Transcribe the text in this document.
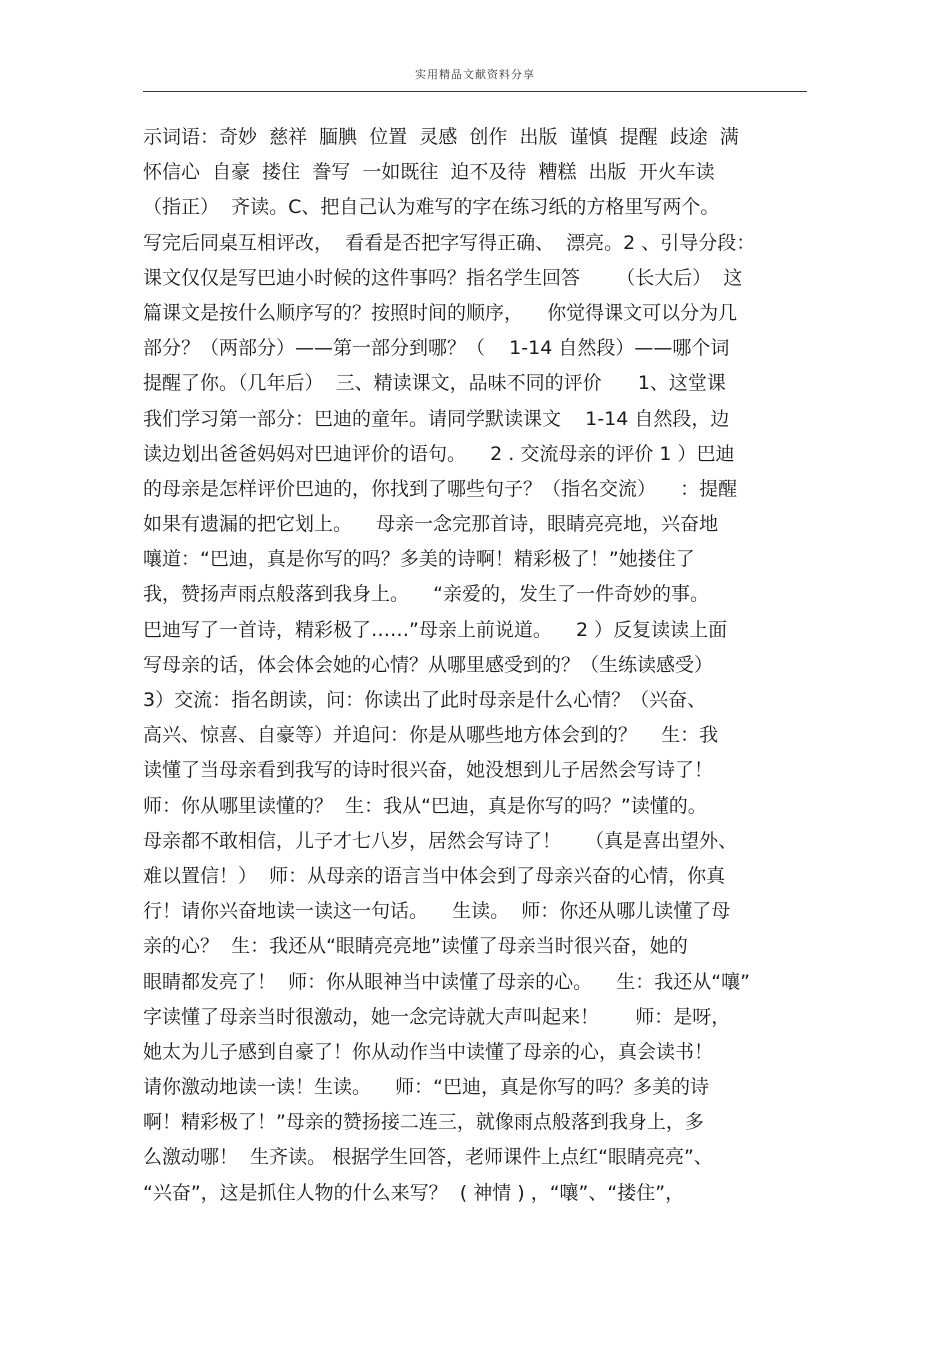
实用精品文献资料分享
示词语：奇妙  慈祥  腼腆  位置  灵感  创作  出版  谨慎  提醒  歧途  满
怀信心  自豪  搂住  誊写  一如既往  迫不及待  糟糕  出版  开火车读
（指正）  齐读。C、把自己认为难写的字在练习纸的方格里写两个。
写完后同桌互相评改，  看看是否把字写得正确、  漂亮。2 、引导分段：
课文仅仅是写巴迪小时候的这件事吗？指名学生回答      （长大后）  这
篇课文是按什么顺序写的？按照时间的顺序，    你觉得课文可以分为几
部分？（两部分）——第一部分到哪？（    1-14 自然段）——哪个词
提醒了你。（几年后）  三、精读课文，品味不同的评价      1、这堂课
我们学习第一部分：巴迪的童年。请同学默读课文    1-14 自然段，边
读边划出爸爸妈妈对巴迪评价的语句。    2 . 交流母亲的评价 1 ）巴迪
的母亲是怎样评价巴迪的，你找到了哪些句子？（指名交流）    ：提醒
如果有遗漏的把它划上。    母亲一念完那首诗，眼睛亮亮地，兴奋地
嚷道：“巴迪，真是你写的吗？多美的诗啊！精彩极了！”她搂住了
我，赞扬声雨点般落到我身上。    “亲爱的，发生了一件奇妙的事。
巴迪写了一首诗，精彩极了……”母亲上前说道。    2 ）反复读读上面
写母亲的话，体会体会她的心情？从哪里感受到的？（生练读感受）
3）交流：指名朗读，问：你读出了此时母亲是什么心情？（兴奋、
高兴、惊喜、自豪等）并追问：你是从哪些地方体会到的？    生：我
读懂了当母亲看到我写的诗时很兴奋，她没想到儿子居然会写诗了！
师：你从哪里读懂的？  生：我从“巴迪，真是你写的吗？”读懂的。
母亲都不敢相信，儿子才七八岁，居然会写诗了！    （真是喜出望外、
难以置信！）  师：从母亲的语言当中体会到了母亲兴奋的心情，你真
行！请你兴奋地读一读这一句话。    生读。  师：你还从哪儿读懂了母
亲的心？  生：我还从“眼睛亮亮地”读懂了母亲当时很兴奋，她的
眼睛都发亮了！  师：你从眼神当中读懂了母亲的心。    生：我还从“嚷”
字读懂了母亲当时很激动，她一念完诗就大声叫起来！      师：是呀，
她太为儿子感到自豪了！你从动作当中读懂了母亲的心，真会读书！
请你激动地读一读！生读。    师：“巴迪，真是你写的吗？多美的诗
啊！精彩极了！”母亲的赞扬接二连三，就像雨点般落到我身上，多
么激动哪！  生齐读。 根据学生回答，老师课件上点红“眼睛亮亮”、
“兴奋”，这是抓住人物的什么来写？  ( 神情 ) ，“嚷”、“搂住”，
